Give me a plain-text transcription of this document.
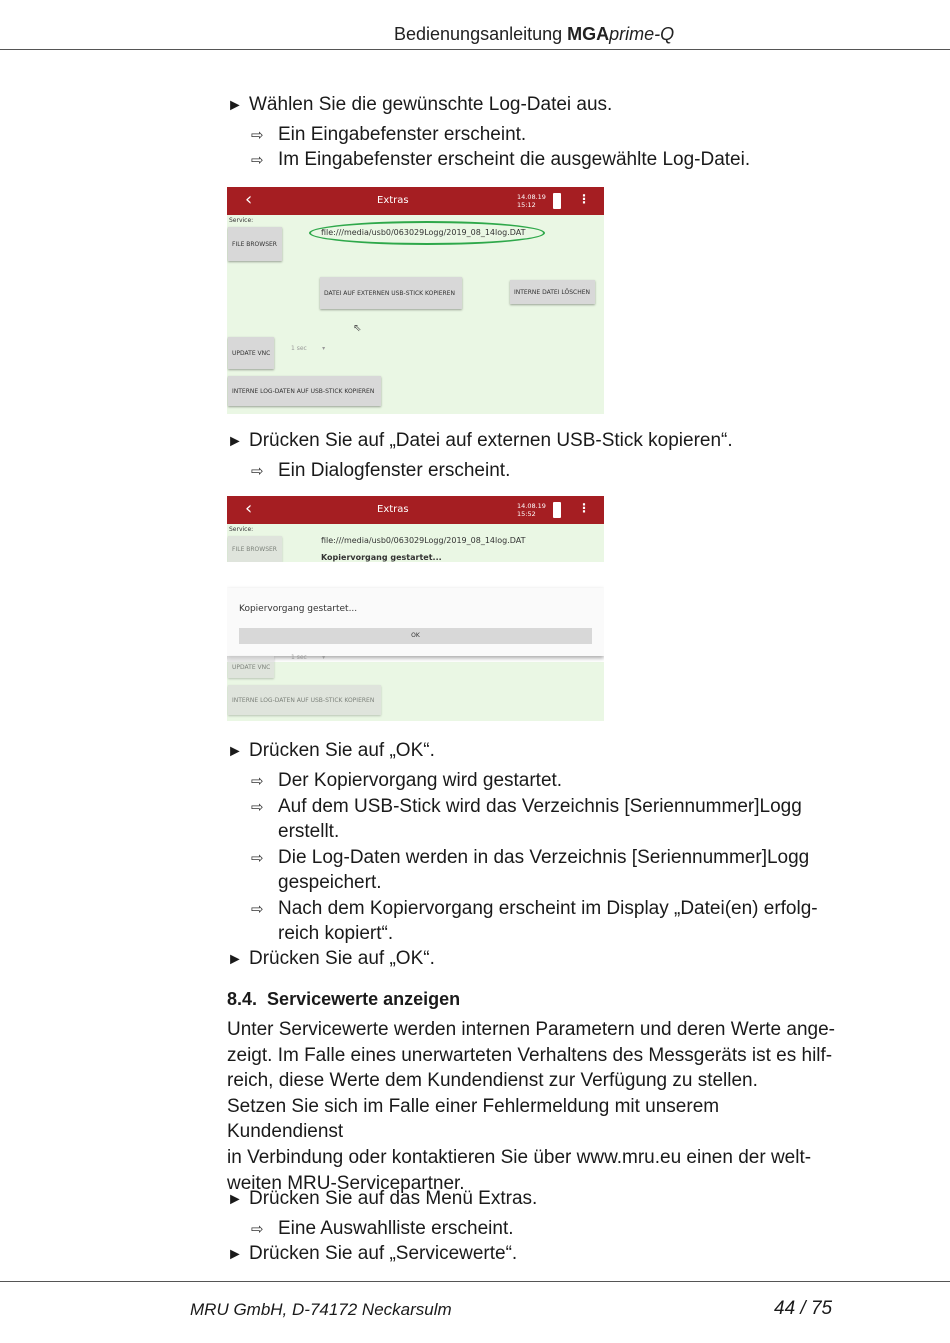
Bedienungsanleitung MGAprime-Q
► Wählen Sie die gewünschte Log-Datei aus.
⇨ Ein Eingabefenster erscheint.
⇨ Im Eingabefenster erscheint die ausgewählte Log-Datei.
► Drücken Sie auf „Datei auf externen USB-Stick kopieren“.
⇨ Ein Dialogfenster erscheint.
► Drücken Sie auf „OK“.
⇨ Der Kopiervorgang wird gestartet.
⇨ Auf dem USB-Stick wird das Verzeichnis [Seriennummer]Logg
erstellt.
⇨ Die Log-Daten werden in das Verzeichnis [Seriennummer]Logg
gespeichert.
⇨ Nach dem Kopiervorgang erscheint im Display „Datei(en) erfolg-
reich kopiert“.
► Drücken Sie auf „OK“.
8.4. Servicewerte anzeigen
Unter Servicewerte werden internen Parametern und deren Werte ange-
zeigt. Im Falle eines unerwarteten Verhaltens des Messgeräts ist es hilf-
reich, diese Werte dem Kundendienst zur Verfügung zu stellen.
Setzen Sie sich im Falle einer Fehlermeldung mit unserem Kundendienst
in Verbindung oder kontaktieren Sie über www.mru.eu einen der welt-
weiten MRU-Servicepartner.
► Drücken Sie auf das Menü Extras.
⇨ Eine Auswahlliste erscheint.
► Drücken Sie auf „Servicewerte“.
‹	Extras	14.08.19
15:12	⋮
Service:
FILE BROWSER
file:///media/usb0/063029Logg/2019_08_14log.DAT
DATEI AUF EXTERNEN USB-STICK KOPIEREN	INTERNE DATEI LÖSCHEN
⇖
UPDATE VNC
1 sec	▾
INTERNE LOG-DATEN AUF USB-STICK KOPIEREN
‹	Extras	14.08.19
15:52	⋮
Service:
FILE BROWSER
file:///media/usb0/063029Logg/2019_08_14log.DAT
Kopiervorgang gestartet...
Kopiervorgang gestartet...
OK
UPDATE VNC
1 sec	▾
INTERNE LOG-DATEN AUF USB-STICK KOPIEREN
MRU GmbH, D-74172 Neckarsulm	44 / 75
